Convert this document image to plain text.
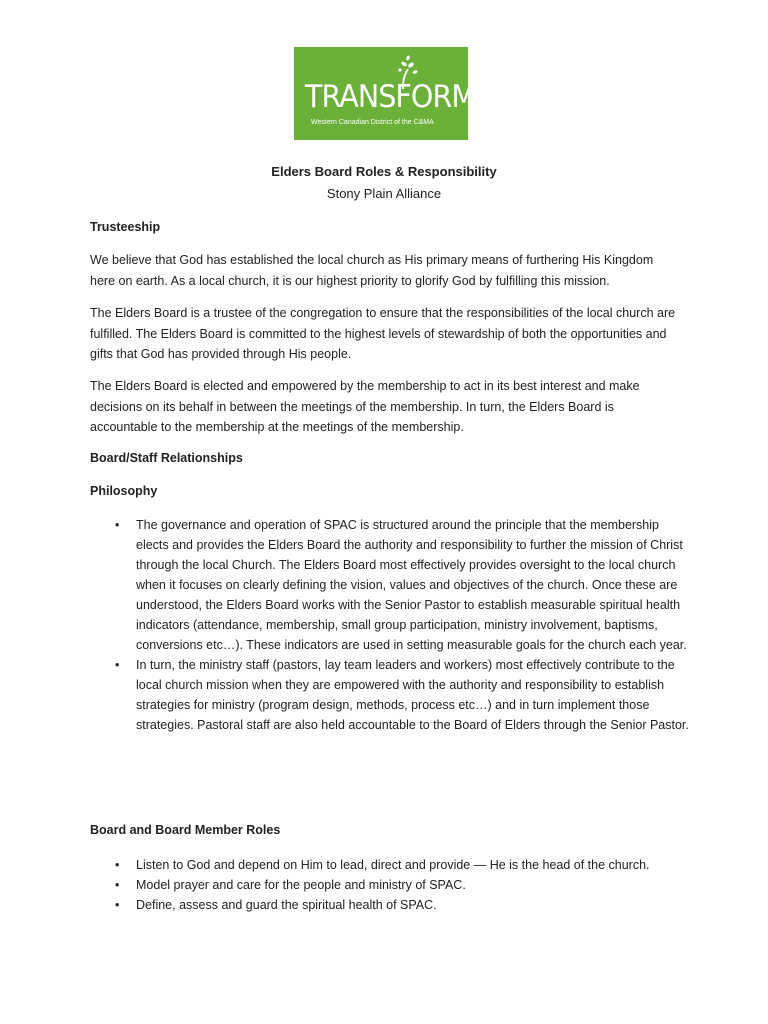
TRANSFORM
Western Canadian District of the C&MA
Elders Board Roles & Responsibility
Stony Plain Alliance
Trusteeship

We believe that God has established the local church as His primary means of furthering His Kingdom here on earth. As a local church, it is our highest priority to glorify God by fulfilling this mission.

The Elders Board is a trustee of the congregation to ensure that the responsibilities of the local church are fulfilled. The Elders Board is committed to the highest levels of stewardship of both the opportunities and gifts that God has provided through His people.

The Elders Board is elected and empowered by the membership to act in its best interest and make decisions on its behalf in between the meetings of the membership. In turn, the Elders Board is accountable to the membership at the meetings of the membership.

Board/Staff Relationships
Philosophy
• The governance and operation of SPAC is structured around the principle that the membership elects and provides the Elders Board the authority and responsibility to further the mission of Christ through the local Church. The Elders Board most effectively provides oversight to the local church when it focuses on clearly defining the vision, values and objectives of the church. Once these are understood, the Elders Board works with the Senior Pastor to establish measurable spiritual health indicators (attendance, membership, small group participation, ministry involvement, baptisms, conversions etc…). These indicators are used in setting measurable goals for the church each year.
• In turn, the ministry staff (pastors, lay team leaders and workers) most effectively contribute to the local church mission when they are empowered with the authority and responsibility to establish strategies for ministry (program design, methods, process etc…) and in turn implement those strategies. Pastoral staff are also held accountable to the Board of Elders through the Senior Pastor.
Board and Board Member Roles
• Listen to God and depend on Him to lead, direct and provide — He is the head of the church.
• Model prayer and care for the people and ministry of SPAC.
• Define, assess and guard the spiritual health of SPAC.
